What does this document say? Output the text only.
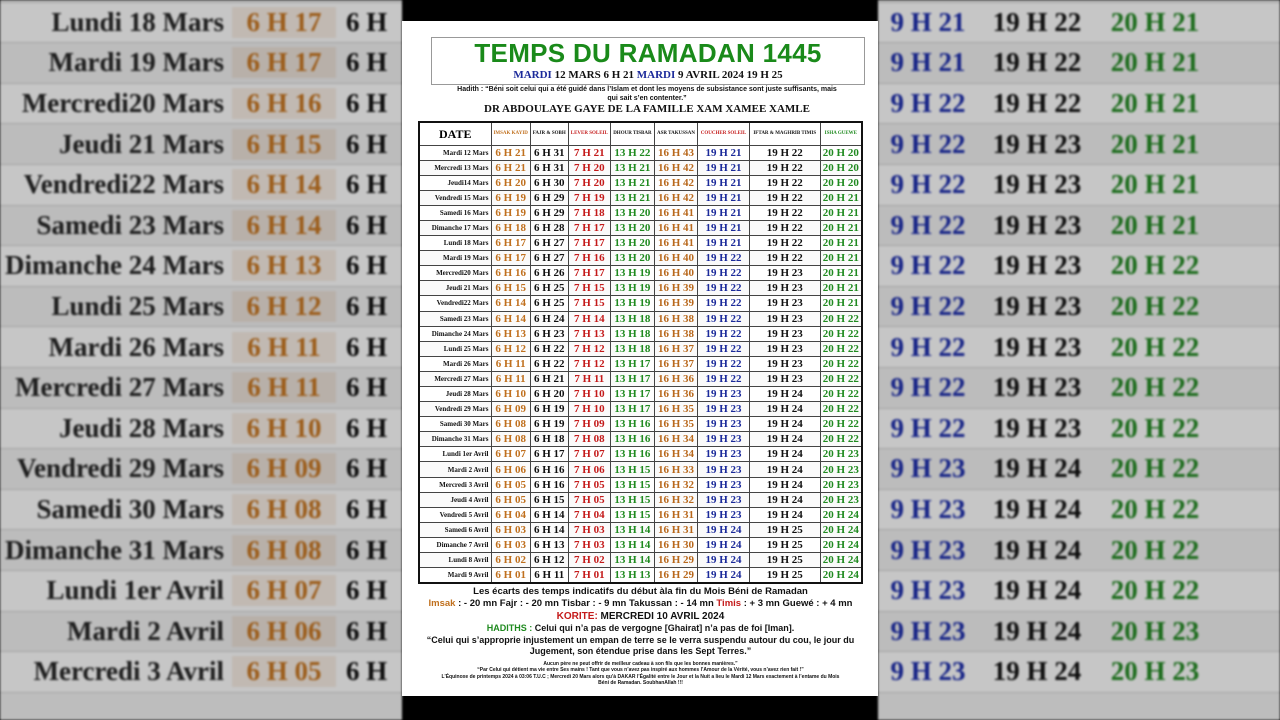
Lundi 18 Mars 6 H 17 6 H
Mardi 19 Mars 6 H 17 6 H
Mercredi20 Mars 6 H 16 6 H
Jeudi 21 Mars 6 H 15 6 H
Vendredi22 Mars 6 H 14 6 H
Samedi 23 Mars 6 H 14 6 H
Dimanche 24 Mars 6 H 13 6 H
Lundi 25 Mars 6 H 12 6 H
Mardi 26 Mars 6 H 11 6 H
Mercredi 27 Mars 6 H 11 6 H
Jeudi 28 Mars 6 H 10 6 H
Vendredi 29 Mars 6 H 09 6 H
Samedi 30 Mars 6 H 08 6 H
Dimanche 31 Mars 6 H 08 6 H
Lundi 1er Avril 6 H 07 6 H
Mardi 2 Avril 6 H 06 6 H
Mercredi 3 Avril 6 H 05 6 H
9 H 21	19 H 22	20 H 21
9 H 21	19 H 22	20 H 21
9 H 22	19 H 22	20 H 21
9 H 22	19 H 23	20 H 21
9 H 22	19 H 23	20 H 21
9 H 22	19 H 23	20 H 21
9 H 22	19 H 23	20 H 22
9 H 22	19 H 23	20 H 22
9 H 22	19 H 23	20 H 22
9 H 22	19 H 23	20 H 22
9 H 22	19 H 23	20 H 22
9 H 23	19 H 24	20 H 22
9 H 23	19 H 24	20 H 22
9 H 23	19 H 24	20 H 22
9 H 23	19 H 24	20 H 22
9 H 23	19 H 24	20 H 23
9 H 23	19 H 24	20 H 23
TEMPS DU RAMADAN 1445
MARDI 12 MARS 6 H 21 MARDI 9 AVRIL 2024 19 H 25
Hadith : “Béni soit celui qui a été guidé dans l’Islam et dont les moyens de subsistance sont juste suffisants, mais qui sait s’en contenter.”
DR ABDOULAYE GAYE DE LA FAMILLE XAM XAMEE XAMLE
DATE	IMSAK KAYID	FAJR & SOBH	LEVER SOLEIL	DHOUR TISBAR	ASR TAKUSSAN	COUCHER SOLEIL	IFTAR & MAGHRIB TIMIS	ISHA GUEWE
Mardi 12 Mars	6 H 21	6 H 31	7 H 21	13 H 22	16 H 43	19 H 21	19 H 22	20 H 20
Mercredi 13 Mars	6 H 21	6 H 31	7 H 20	13 H 21	16 H 42	19 H 21	19 H 22	20 H 20
Jeudi14 Mars	6 H 20	6 H 30	7 H 20	13 H 21	16 H 42	19 H 21	19 H 22	20 H 20
Vendredi 15 Mars	6 H 19	6 H 29	7 H 19	13 H 21	16 H 42	19 H 21	19 H 22	20 H 21
Samedi 16 Mars	6 H 19	6 H 29	7 H 18	13 H 20	16 H 41	19 H 21	19 H 22	20 H 21
Dimanche 17 Mars	6 H 18	6 H 28	7 H 17	13 H 20	16 H 41	19 H 21	19 H 22	20 H 21
Lundi 18 Mars	6 H 17	6 H 27	7 H 17	13 H 20	16 H 41	19 H 21	19 H 22	20 H 21
Mardi 19 Mars	6 H 17	6 H 27	7 H 16	13 H 20	16 H 40	19 H 22	19 H 22	20 H 21
Mercredi20 Mars	6 H 16	6 H 26	7 H 17	13 H 19	16 H 40	19 H 22	19 H 23	20 H 21
Jeudi 21 Mars	6 H 15	6 H 25	7 H 15	13 H 19	16 H 39	19 H 22	19 H 23	20 H 21
Vendredi22 Mars	6 H 14	6 H 25	7 H 15	13 H 19	16 H 39	19 H 22	19 H 23	20 H 21
Samedi 23 Mars	6 H 14	6 H 24	7 H 14	13 H 18	16 H 38	19 H 22	19 H 23	20 H 22
Dimanche 24 Mars	6 H 13	6 H 23	7 H 13	13 H 18	16 H 38	19 H 22	19 H 23	20 H 22
Lundi 25 Mars	6 H 12	6 H 22	7 H 12	13 H 18	16 H 37	19 H 22	19 H 23	20 H 22
Mardi 26 Mars	6 H 11	6 H 22	7 H 12	13 H 17	16 H 37	19 H 22	19 H 23	20 H 22
Mercredi 27 Mars	6 H 11	6 H 21	7 H 11	13 H 17	16 H 36	19 H 22	19 H 23	20 H 22
Jeudi 28 Mars	6 H 10	6 H 20	7 H 10	13 H 17	16 H 36	19 H 23	19 H 24	20 H 22
Vendredi 29 Mars	6 H 09	6 H 19	7 H 10	13 H 17	16 H 35	19 H 23	19 H 24	20 H 22
Samedi 30 Mars	6 H 08	6 H 19	7 H 09	13 H 16	16 H 35	19 H 23	19 H 24	20 H 22
Dimanche 31 Mars	6 H 08	6 H 18	7 H 08	13 H 16	16 H 34	19 H 23	19 H 24	20 H 22
Lundi 1er Avril	6 H 07	6 H 17	7 H 07	13 H 16	16 H 34	19 H 23	19 H 24	20 H 23
Mardi 2 Avril	6 H 06	6 H 16	7 H 06	13 H 15	16 H 33	19 H 23	19 H 24	20 H 23
Mercredi 3 Avril	6 H 05	6 H 16	7 H 05	13 H 15	16 H 32	19 H 23	19 H 24	20 H 23
Jeudi 4 Avril	6 H 05	6 H 15	7 H 05	13 H 15	16 H 32	19 H 23	19 H 24	20 H 23
Vendredi 5 Avril	6 H 04	6 H 14	7 H 04	13 H 15	16 H 31	19 H 23	19 H 24	20 H 24
Samedi 6 Avril	6 H 03	6 H 14	7 H 03	13 H 14	16 H 31	19 H 24	19 H 25	20 H 24
Dimanche 7 Avril	6 H 03	6 H 13	7 H 03	13 H 14	16 H 30	19 H 24	19 H 25	20 H 24
Lundi 8 Avril	6 H 02	6 H 12	7 H 02	13 H 14	16 H 29	19 H 24	19 H 25	20 H 24
Mardi 9 Avril	6 H 01	6 H 11	7 H 01	13 H 13	16 H 29	19 H 24	19 H 25	20 H 24
Les écarts des temps indicatifs du début àla fin du Mois Béni de Ramadan
Imsak : - 20 mn Fajr : - 20 mn Tisbar : - 9 mn Takussan : - 14 mn Timis : + 3 mn Guewé : + 4 mn
KORITE: MERCREDI 10 AVRIL 2024
HADITHS : Celui qui n’a pas de vergogne [Ghairat] n’a pas de foi [Iman].
“Celui qui s’approprie injustement un empan de terre se le verra suspendu autour du cou, le jour du Jugement, son étendue prise dans les Sept Terres.”
Aucun père ne peut offrir de meilleur cadeau à son fils que les bonnes manières.”
“Par Celui qui détient ma vie entre Ses mains ! Tant que vous n’avez pas inspiré aux hommes l’Amour de la Vérité, vous n’avez rien fait !”
L’Équinoxe de printemps 2024 à 03:06 T.U.C ; Mercredi 20 Mars alors qu’à DAKAR l’Égalité entre le Jour et la Nuit a lieu le Mardi 12 Mars exactement à l’entame du Mois Béni de Ramadan. SoubhanAllah !!!
